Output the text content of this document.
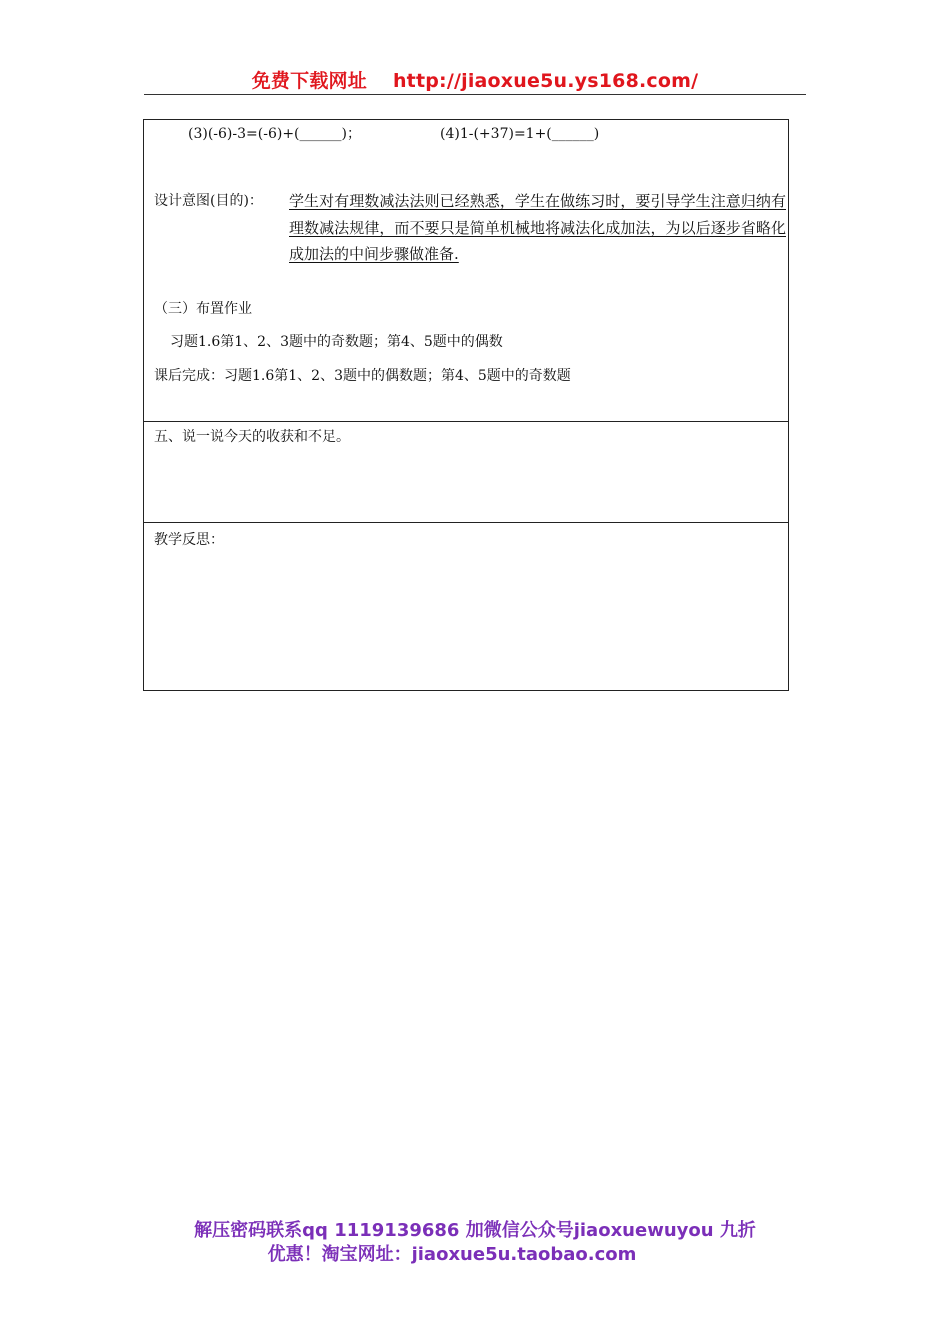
免费下载网址 http://jiaoxue5u.ys168.com/
(3)(-6)-3=(-6)+(______)；	(4)1-(+37)=1+(______)
设计意图(目的)： 学生对有理数减法法则已经熟悉，学生在做练习时，要引导学生注意归纳有理数减法规律，而不要只是简单机械地将减法化成加法，为以后逐步省略化成加法的中间步骤做准备.
（三）布置作业
习题1.6第1、2、3题中的奇数题；第4、5题中的偶数
课后完成：习题1.6第1、2、3题中的偶数题；第4、5题中的奇数题
五、说一说今天的收获和不足。
教学反思：
解压密码联系qq 1119139686 加微信公众号jiaoxuewuyou 九折
优惠！淘宝网址：jiaoxue5u.taobao.com
